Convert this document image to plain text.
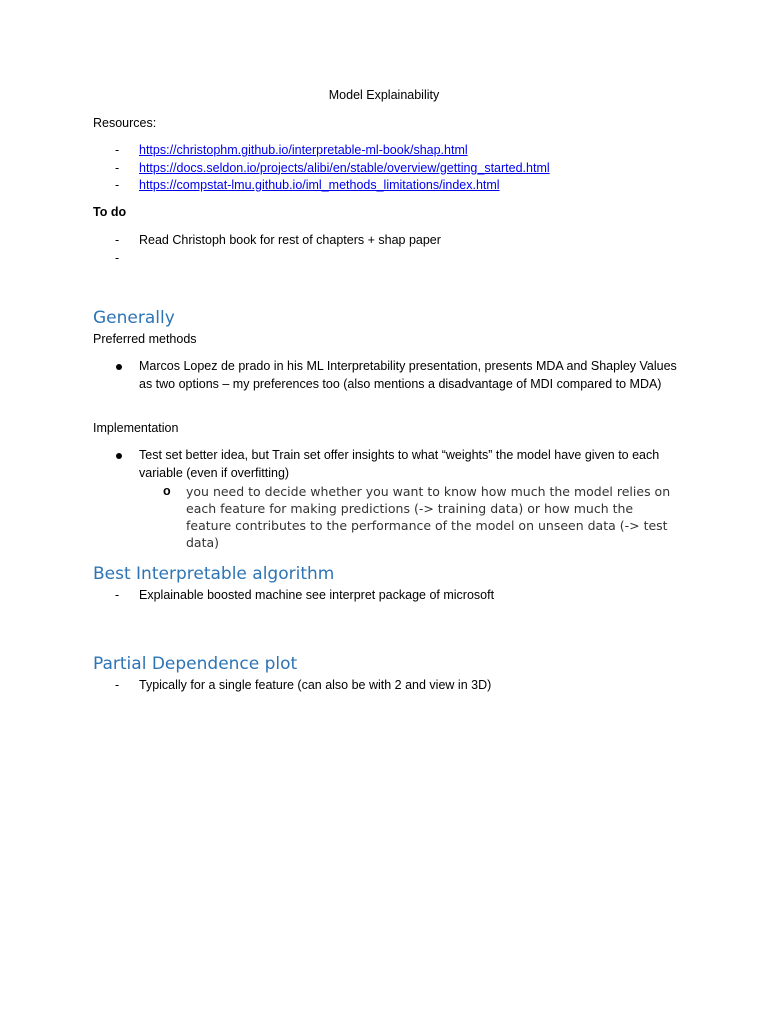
Model Explainability
Resources:
- https://christophm.github.io/interpretable-ml-book/shap.html
- https://docs.seldon.io/projects/alibi/en/stable/overview/getting_started.html
- https://compstat-lmu.github.io/iml_methods_limitations/index.html
To do
- Read Christoph book for rest of chapters + shap paper
-
Generally
Preferred methods
Marcos Lopez de prado in his ML Interpretability presentation, presents MDA and Shapley Values as two options – my preferences too (also mentions a disadvantage of MDI compared to MDA)
Implementation
Test set better idea, but Train set offer insights to what “weights” the model have given to each variable (even if overfitting)
o you need to decide whether you want to know how much the model relies on each feature for making predictions (-> training data) or how much the feature contributes to the performance of the model on unseen data (-> test data)
Best Interpretable algorithm
- Explainable boosted machine see interpret package of microsoft
Partial Dependence plot
- Typically for a single feature (can also be with 2 and view in 3D)
